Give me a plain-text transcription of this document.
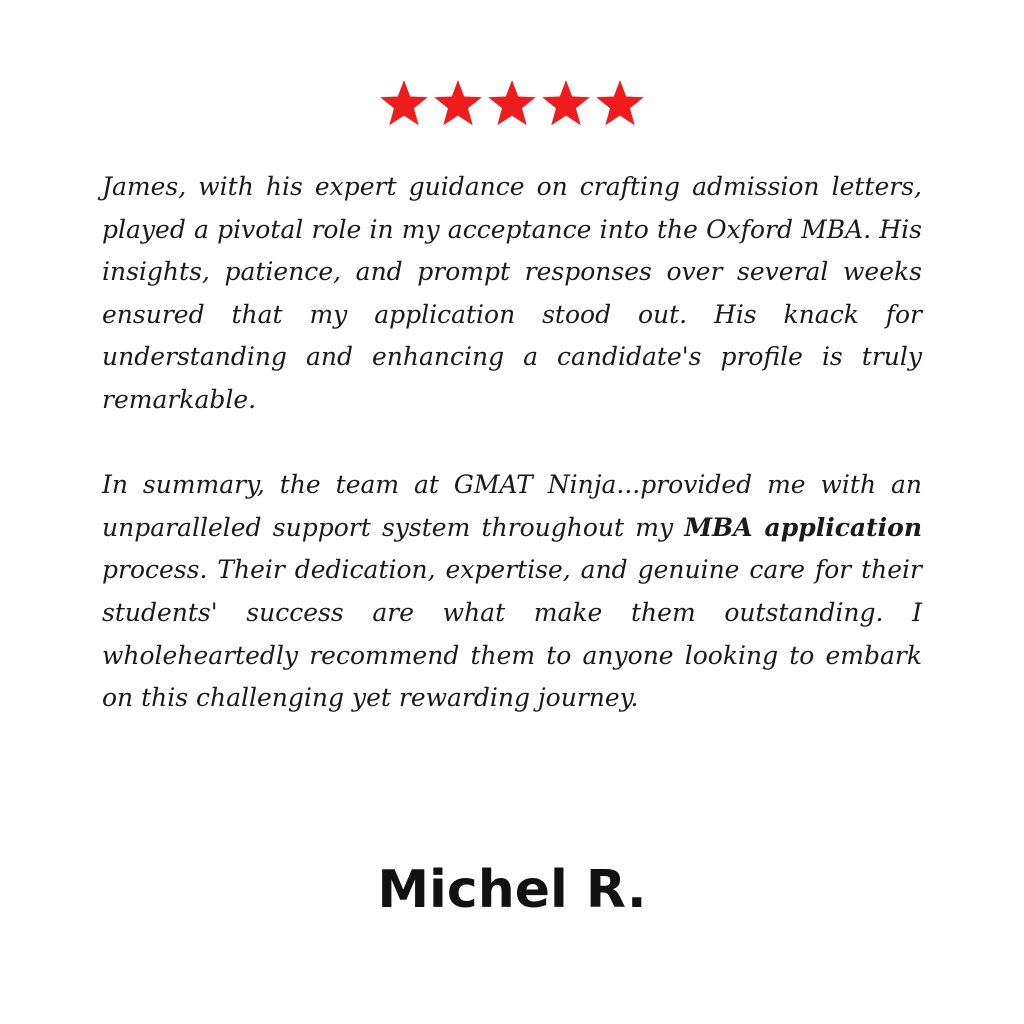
James, with his expert guidance on crafting admission letters, played a pivotal role in my acceptance into the Oxford MBA. His insights, patience, and prompt responses over several weeks ensured that my application stood out. His knack for understanding and enhancing a candidate's profile is truly remarkable.

In summary, the team at GMAT Ninja...provided me with an unparalleled support system throughout my MBA application process. Their dedication, expertise, and genuine care for their students' success are what make them outstanding. I wholeheartedly recommend them to anyone looking to embark on this challenging yet rewarding journey.

Michel R.
